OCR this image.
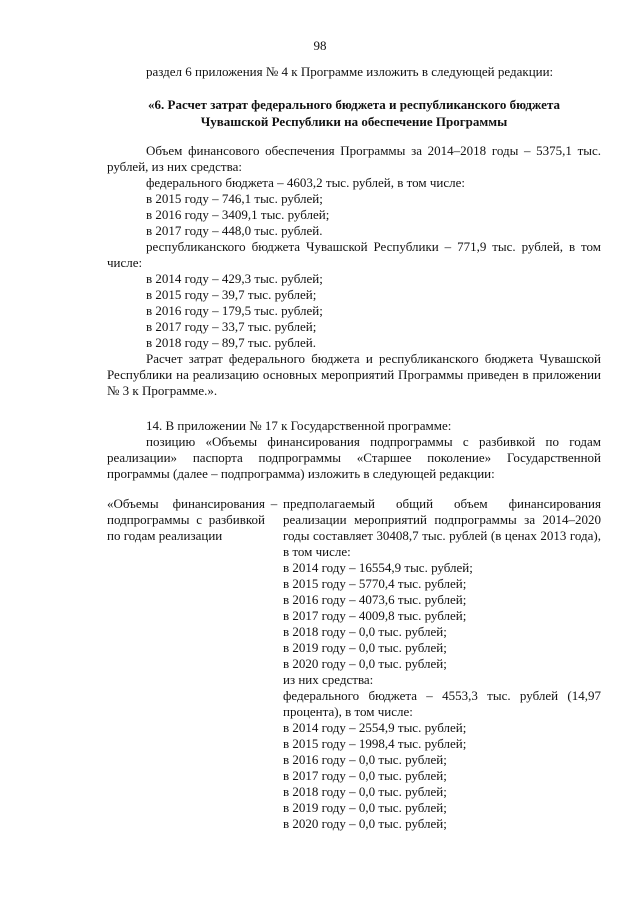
98

раздел 6 приложения № 4 к Программе изложить в следующей редакции:

«6. Расчет затрат федерального бюджета и республиканского бюджета

Чувашской Республики на обеспечение Программы

Объем финансового обеспечения Программы за 2014–2018 годы – 5375,1 тыс. рублей, из них средства:

федерального бюджета – 4603,2 тыс. рублей, в том числе:

в 2015 году – 746,1 тыс. рублей;

в 2016 году – 3409,1 тыс. рублей;

в 2017 году – 448,0 тыс. рублей.

республиканского бюджета Чувашской Республики – 771,9 тыс. рублей, в том числе:

в 2014 году – 429,3 тыс. рублей;

в 2015 году – 39,7 тыс. рублей;

в 2016 году – 179,5 тыс. рублей;

в 2017 году – 33,7 тыс. рублей;

в 2018 году – 89,7 тыс. рублей.

Расчет затрат федерального бюджета и республиканского бюджета Чувашской Республики на реализацию основных мероприятий Программы приведен в приложении № 3 к Программе.».

14. В приложении № 17 к Государственной программе:

позицию «Объемы финансирования подпрограммы с разбивкой по годам реализации» паспорта подпрограммы «Старшее поколение» Государственной программы (далее – подпрограмма) изложить в следующей редакции:

«Объемы финансирования подпрограммы с разбивкой по годам реализации
– предполагаемый общий объем финансирования реализации мероприятий подпрограммы за 2014–2020 годы составляет 30408,7 тыс. рублей (в ценах 2013 года), в том числе:

в 2014 году – 16554,9 тыс. рублей;

в 2015 году – 5770,4 тыс. рублей;

в 2016 году – 4073,6 тыс. рублей;

в 2017 году – 4009,8 тыс. рублей;

в 2018 году – 0,0 тыс. рублей;

в 2019 году – 0,0 тыс. рублей;

в 2020 году – 0,0 тыс. рублей;

из них средства:

федерального бюджета – 4553,3 тыс. рублей (14,97 процента), в том числе:

в 2014 году – 2554,9 тыс. рублей;

в 2015 году – 1998,4 тыс. рублей;

в 2016 году – 0,0 тыс. рублей;

в 2017 году – 0,0 тыс. рублей;

в 2018 году – 0,0 тыс. рублей;

в 2019 году – 0,0 тыс. рублей;

в 2020 году – 0,0 тыс. рублей;
